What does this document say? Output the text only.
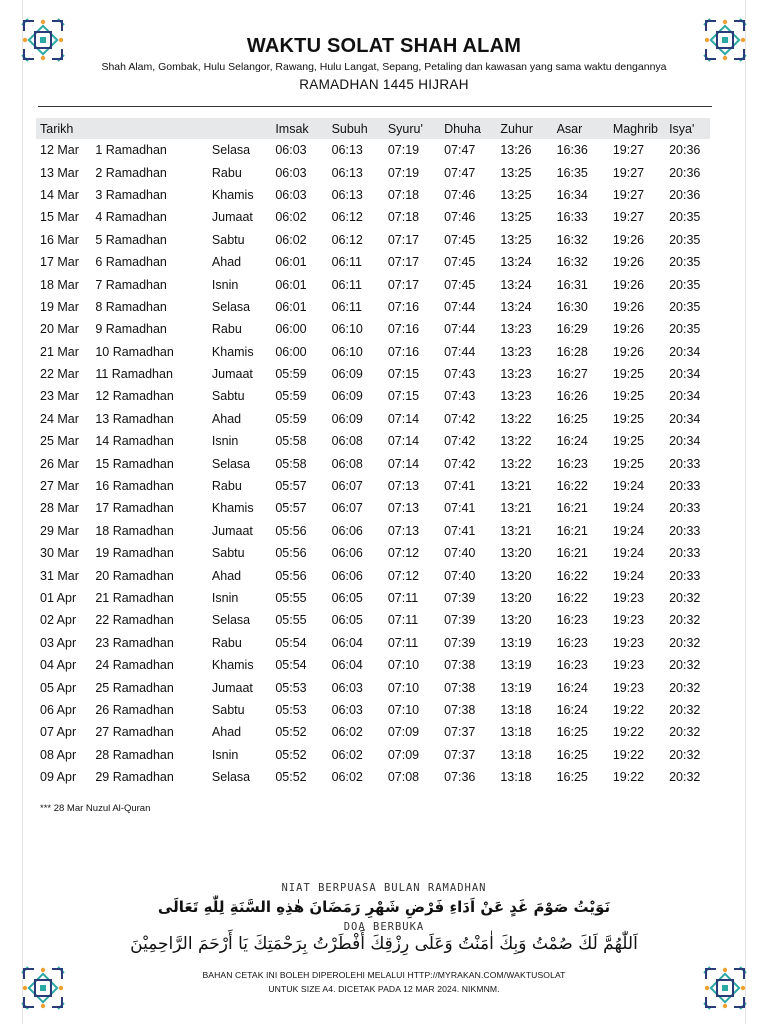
WAKTU SOLAT SHAH ALAM
Shah Alam, Gombak, Hulu Selangor, Rawang, Hulu Langat, Sepang, Petaling dan kawasan yang sama waktu dengannya
RAMADHAN 1445 HIJRAH
Tarikh			Imsak	Subuh	Syuru'	Dhuha	Zuhur	Asar	Maghrib	Isya'
12 Mar	1 Ramadhan	Selasa	06:03	06:13	07:19	07:47	13:26	16:36	19:27	20:36
13 Mar	2 Ramadhan	Rabu	06:03	06:13	07:19	07:47	13:25	16:35	19:27	20:36
14 Mar	3 Ramadhan	Khamis	06:03	06:13	07:18	07:46	13:25	16:34	19:27	20:36
15 Mar	4 Ramadhan	Jumaat	06:02	06:12	07:18	07:46	13:25	16:33	19:27	20:35
16 Mar	5 Ramadhan	Sabtu	06:02	06:12	07:17	07:45	13:25	16:32	19:26	20:35
17 Mar	6 Ramadhan	Ahad	06:01	06:11	07:17	07:45	13:24	16:32	19:26	20:35
18 Mar	7 Ramadhan	Isnin	06:01	06:11	07:17	07:45	13:24	16:31	19:26	20:35
19 Mar	8 Ramadhan	Selasa	06:01	06:11	07:16	07:44	13:24	16:30	19:26	20:35
20 Mar	9 Ramadhan	Rabu	06:00	06:10	07:16	07:44	13:23	16:29	19:26	20:35
21 Mar	10 Ramadhan	Khamis	06:00	06:10	07:16	07:44	13:23	16:28	19:26	20:34
22 Mar	11 Ramadhan	Jumaat	05:59	06:09	07:15	07:43	13:23	16:27	19:25	20:34
23 Mar	12 Ramadhan	Sabtu	05:59	06:09	07:15	07:43	13:23	16:26	19:25	20:34
24 Mar	13 Ramadhan	Ahad	05:59	06:09	07:14	07:42	13:22	16:25	19:25	20:34
25 Mar	14 Ramadhan	Isnin	05:58	06:08	07:14	07:42	13:22	16:24	19:25	20:34
26 Mar	15 Ramadhan	Selasa	05:58	06:08	07:14	07:42	13:22	16:23	19:25	20:33
27 Mar	16 Ramadhan	Rabu	05:57	06:07	07:13	07:41	13:21	16:22	19:24	20:33
28 Mar	17 Ramadhan	Khamis	05:57	06:07	07:13	07:41	13:21	16:21	19:24	20:33
29 Mar	18 Ramadhan	Jumaat	05:56	06:06	07:13	07:41	13:21	16:21	19:24	20:33
30 Mar	19 Ramadhan	Sabtu	05:56	06:06	07:12	07:40	13:20	16:21	19:24	20:33
31 Mar	20 Ramadhan	Ahad	05:56	06:06	07:12	07:40	13:20	16:22	19:24	20:33
01 Apr	21 Ramadhan	Isnin	05:55	06:05	07:11	07:39	13:20	16:22	19:23	20:32
02 Apr	22 Ramadhan	Selasa	05:55	06:05	07:11	07:39	13:20	16:23	19:23	20:32
03 Apr	23 Ramadhan	Rabu	05:54	06:04	07:11	07:39	13:19	16:23	19:23	20:32
04 Apr	24 Ramadhan	Khamis	05:54	06:04	07:10	07:38	13:19	16:23	19:23	20:32
05 Apr	25 Ramadhan	Jumaat	05:53	06:03	07:10	07:38	13:19	16:24	19:23	20:32
06 Apr	26 Ramadhan	Sabtu	05:53	06:03	07:10	07:38	13:18	16:24	19:22	20:32
07 Apr	27 Ramadhan	Ahad	05:52	06:02	07:09	07:37	13:18	16:25	19:22	20:32
08 Apr	28 Ramadhan	Isnin	05:52	06:02	07:09	07:37	13:18	16:25	19:22	20:32
09 Apr	29 Ramadhan	Selasa	05:52	06:02	07:08	07:36	13:18	16:25	19:22	20:32
*** 28 Mar Nuzul Al-Quran
NIAT BERPUASA BULAN RAMADHAN
نَوَيْتُ صَوْمَ غَدٍ عَنْ اَدَاءِ فَرْضِ شَهْرِ رَمَضَانَ هٰذِهِ السَّنَةِ لِلّٰهِ تَعَالَى
DOA BERBUKA
اَللّٰهُمَّ لَكَ صُمْتُ وَبِكَ اٰمَنْتُ وَعَلَى رِزْقِكَ أَفْطَرْتُ بِرَحْمَتِكَ يَا أَرْحَمَ الرَّاحِمِيْنَ
BAHAN CETAK INI BOLEH DIPEROLEHI MELALUI HTTP://MYRAKAN.COM/WAKTUSOLAT
UNTUK SIZE A4. DICETAK PADA 12 MAR 2024. NIKMNM.
